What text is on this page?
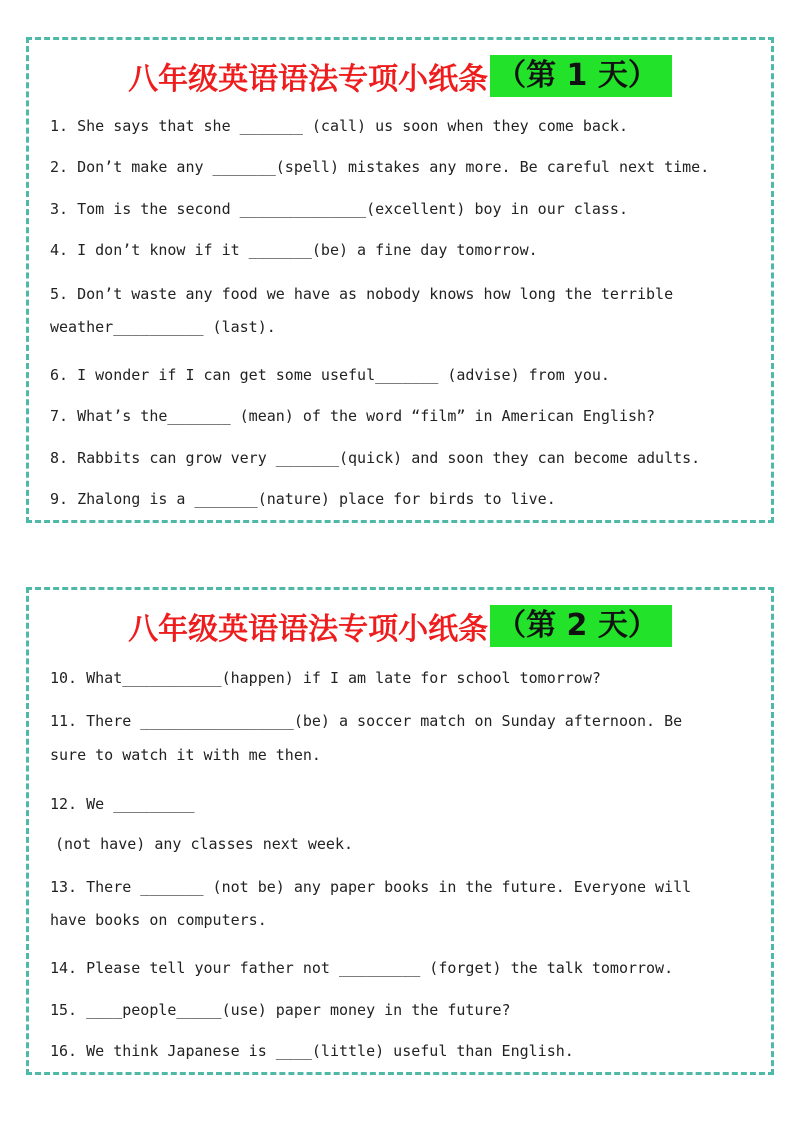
八年级英语语法专项小纸条 （第 1 天）
1. She says that she _______ (call) us soon when they come back.
2. Don’t make any _______(spell) mistakes any more. Be careful next time.
3. Tom is the second ______________(excellent) boy in our class.
4. I don’t know if it _______(be) a fine day tomorrow.
5. Don’t waste any food we have as nobody knows how long the terrible
weather__________ (last).
6. I wonder if I can get some useful_______ (advise) from you.
7. What’s the_______ (mean) of the word “film” in American English?
8. Rabbits can grow very _______(quick) and soon they can become adults.
9. Zhalong is a _______(nature) place for birds to live.
八年级英语语法专项小纸条 （第 2 天）
10. What___________(happen) if I am late for school tomorrow?
11. There _________________(be) a soccer match on Sunday afternoon. Be
sure to watch it with me then.
12. We _________
(not have) any classes next week.
13. There _______ (not be) any paper books in the future. Everyone will
have books on computers.
14. Please tell your father not _________ (forget) the talk tomorrow.
15. ____people_____(use) paper money in the future?
16. We think Japanese is ____(little) useful than English.
